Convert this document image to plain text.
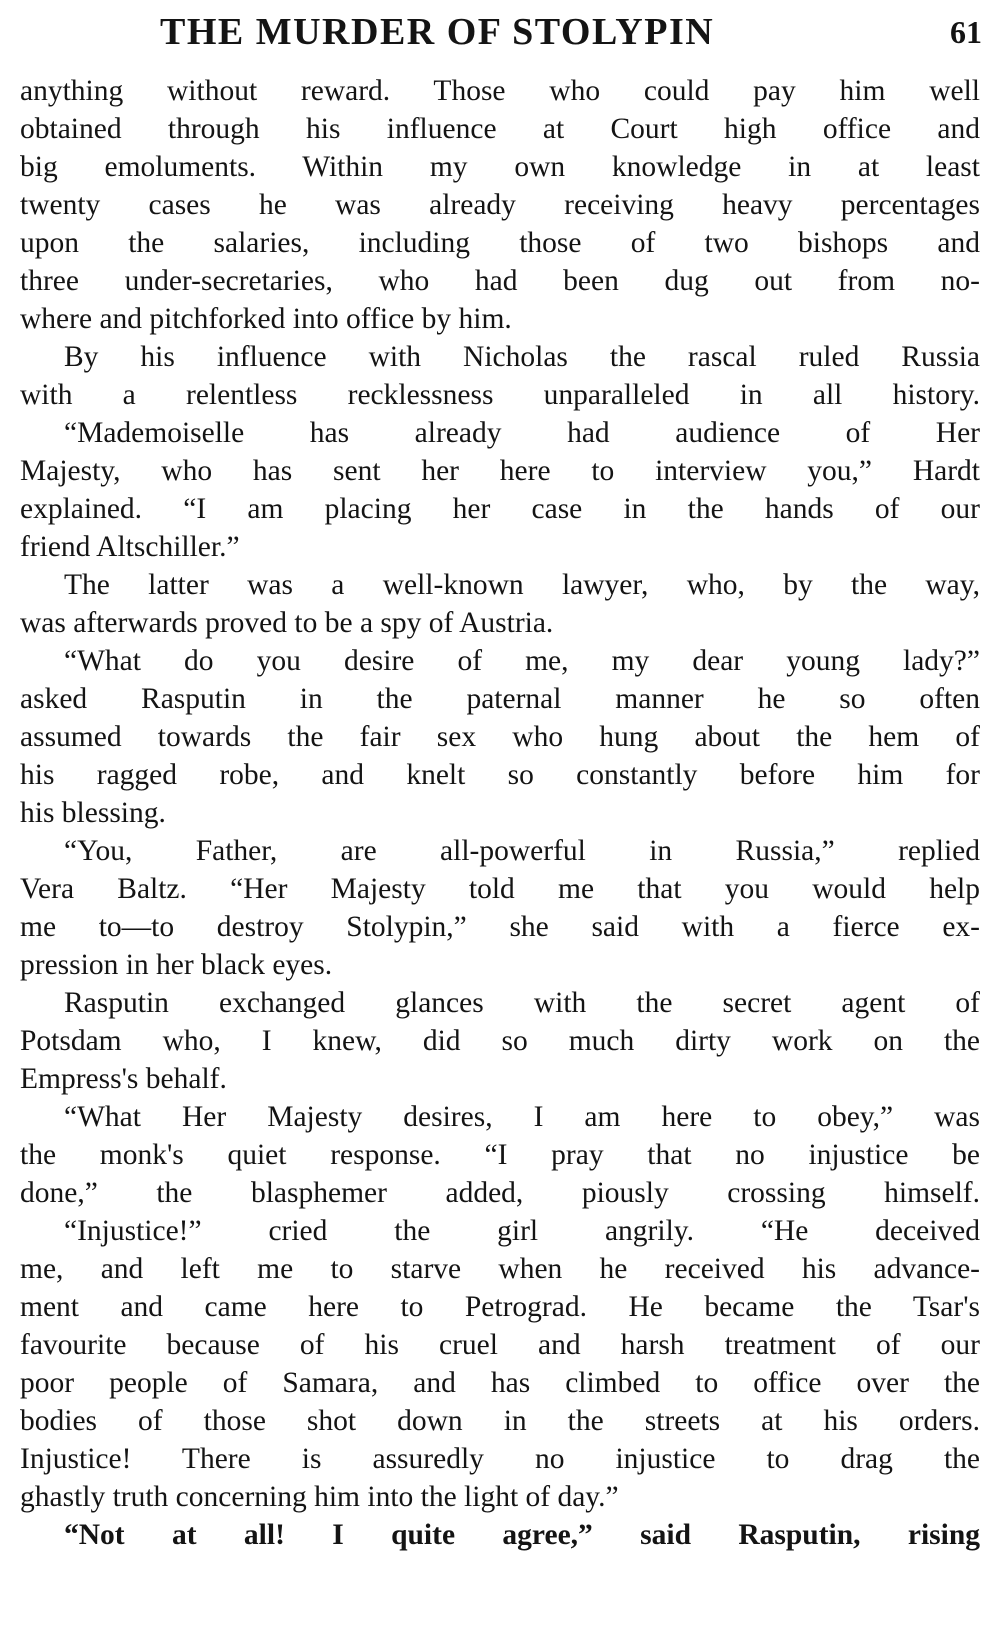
THE MURDER OF STOLYPIN	61
anything without reward. Those who could pay him well
obtained through his influence at Court high office and
big emoluments. Within my own knowledge in at least
twenty cases he was already receiving heavy percentages
upon the salaries, including those of two bishops and
three under-secretaries, who had been dug out from no-
where and pitchforked into office by him.
By his influence with Nicholas the rascal ruled Russia
with a relentless recklessness unparalleled in all history.
“Mademoiselle has already had audience of Her
Majesty, who has sent her here to interview you,” Hardt
explained. “I am placing her case in the hands of our
friend Altschiller.”
The latter was a well-known lawyer, who, by the way,
was afterwards proved to be a spy of Austria.
“What do you desire of me, my dear young lady?”
asked Rasputin in the paternal manner he so often
assumed towards the fair sex who hung about the hem of
his ragged robe, and knelt so constantly before him for
his blessing.
“You, Father, are all-powerful in Russia,” replied
Vera Baltz. “Her Majesty told me that you would help
me to—to destroy Stolypin,” she said with a fierce ex-
pression in her black eyes.
Rasputin exchanged glances with the secret agent of
Potsdam who, I knew, did so much dirty work on the
Empress's behalf.
“What Her Majesty desires, I am here to obey,” was
the monk's quiet response. “I pray that no injustice be
done,” the blasphemer added, piously crossing himself.
“Injustice!” cried the girl angrily. “He deceived
me, and left me to starve when he received his advance-
ment and came here to Petrograd. He became the Tsar's
favourite because of his cruel and harsh treatment of our
poor people of Samara, and has climbed to office over the
bodies of those shot down in the streets at his orders.
Injustice! There is assuredly no injustice to drag the
ghastly truth concerning him into the light of day.”
“Not at all! I quite agree,” said Rasputin, rising
